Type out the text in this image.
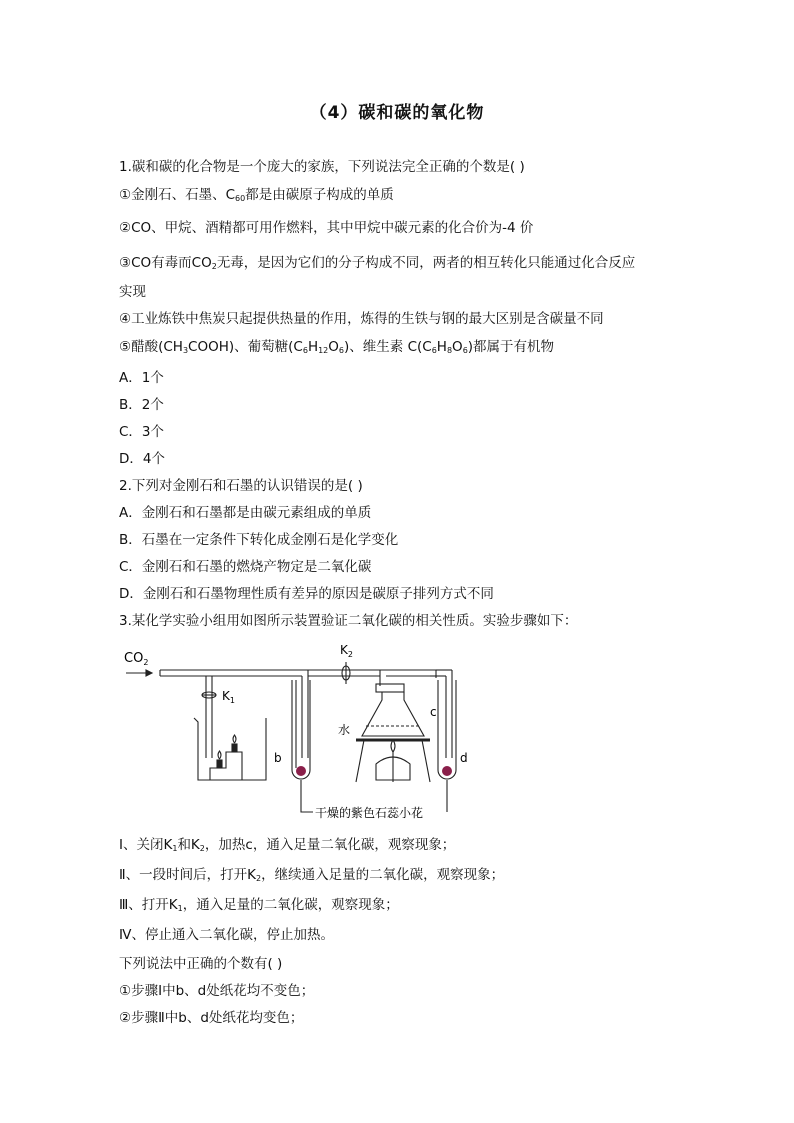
（4）碳和碳的氧化物
1.碳和碳的化合物是一个庞大的家族，下列说法完全正确的个数是( )
①金刚石、石墨、C60都是由碳原子构成的单质
②CO、甲烷、酒精都可用作燃料，其中甲烷中碳元素的化合价为-4 价
③CO有毒而CO2无毒，是因为它们的分子构成不同，两者的相互转化只能通过化合反应
实现
④工业炼铁中焦炭只起提供热量的作用，炼得的生铁与钢的最大区别是含碳量不同
⑤醋酸(CH3COOH)、葡萄糖(C6H12O6)、维生素 C(C6H8O6)都属于有机物
A．1个
B．2个
C．3个
D．4个
2.下列对金刚石和石墨的认识错误的是( )
A．金刚石和石墨都是由碳元素组成的单质
B．石墨在一定条件下转化成金刚石是化学变化
C．金刚石和石墨的燃烧产物定是二氧化碳
D．金刚石和石墨物理性质有差异的原因是碳原子排列方式不同
3.某化学实验小组用如图所示装置验证二氧化碳的相关性质。实验步骤如下：
$CO_2$
$K_1$
$K_2$
b
c
d
水
干燥的紫色石蕊小花
Ⅰ、关闭K1和K2，加热c，通入足量二氧化碳，观察现象；
Ⅱ、一段时间后，打开K2，继续通入足量的二氧化碳，观察现象；
Ⅲ、打开K1，通入足量的二氧化碳，观察现象；
Ⅳ、停止通入二氧化碳，停止加热。
下列说法中正确的个数有( )
①步骤Ⅰ中b、d处纸花均不变色；
②步骤Ⅱ中b、d处纸花均变色；
